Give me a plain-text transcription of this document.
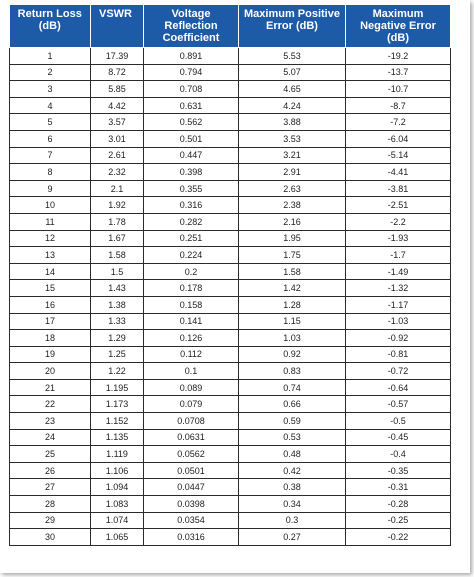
Return Loss (dB)	VSWR	Voltage Reflection Coefficient	Maximum Positive Error (dB)	Maximum Negative Error (dB)
1	17.39	0.891	5.53	-19.2
2	8.72	0.794	5.07	-13.7
3	5.85	0.708	4.65	-10.7
4	4.42	0.631	4.24	-8.7
5	3.57	0.562	3.88	-7.2
6	3.01	0.501	3.53	-6.04
7	2.61	0.447	3.21	-5.14
8	2.32	0.398	2.91	-4.41
9	2.1	0.355	2.63	-3.81
10	1.92	0.316	2.38	-2.51
11	1.78	0.282	2.16	-2.2
12	1.67	0.251	1.95	-1.93
13	1.58	0.224	1.75	-1.7
14	1.5	0.2	1.58	-1.49
15	1.43	0.178	1.42	-1.32
16	1.38	0.158	1.28	-1.17
17	1.33	0.141	1.15	-1.03
18	1.29	0.126	1.03	-0.92
19	1.25	0.112	0.92	-0.81
20	1.22	0.1	0.83	-0.72
21	1.195	0.089	0.74	-0.64
22	1.173	0.079	0.66	-0.57
23	1.152	0.0708	0.59	-0.5
24	1.135	0.0631	0.53	-0.45
25	1.119	0.0562	0.48	-0.4
26	1.106	0.0501	0.42	-0.35
27	1.094	0.0447	0.38	-0.31
28	1.083	0.0398	0.34	-0.28
29	1.074	0.0354	0.3	-0.25
30	1.065	0.0316	0.27	-0.22
